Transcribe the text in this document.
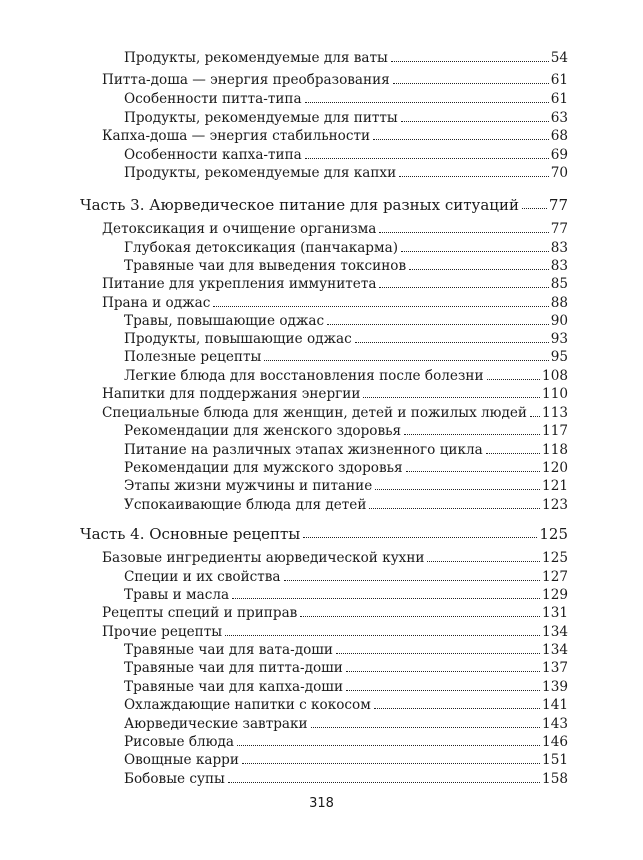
Продукты, рекомендуемые для ваты	54
Питта-доша — энергия преобразования	61
Особенности питта-типа	61
Продукты, рекомендуемые для питты	63
Капха-доша — энергия стабильности	68
Особенности капха-типа	69
Продукты, рекомендуемые для капхи	70
Часть 3. Аюрведическое питание для разных ситуаций 77
Детоксикация и очищение организма	77
Глубокая детоксикация (панчакарма)	83
Травяные чаи для выведения токсинов	83
Питание для укрепления иммунитета	85
Прана и оджас	88
Травы, повышающие оджас	90
Продукты, повышающие оджас	93
Полезные рецепты	95
Легкие блюда для восстановления после болезни	108
Напитки для поддержания энергии	110
Специальные блюда для женщин, детей и пожилых людей 113
Рекомендации для женского здоровья	117
Питание на различных этапах жизненного цикла	118
Рекомендации для мужского здоровья	120
Этапы жизни мужчины и питание	121
Успокаивающие блюда для детей	123
Часть 4. Основные рецепты	125
Базовые ингредиенты аюрведической кухни	125
Специи и их свойства	127
Травы и масла	129
Рецепты специй и приправ	131
Прочие рецепты	134
Травяные чаи для вата-доши	134
Травяные чаи для питта-доши	137
Травяные чаи для капха-доши	139
Охлаждающие напитки с кокосом	141
Аюрведические завтраки	143
Рисовые блюда	146
Овощные карри	151
Бобовые супы	158
318
